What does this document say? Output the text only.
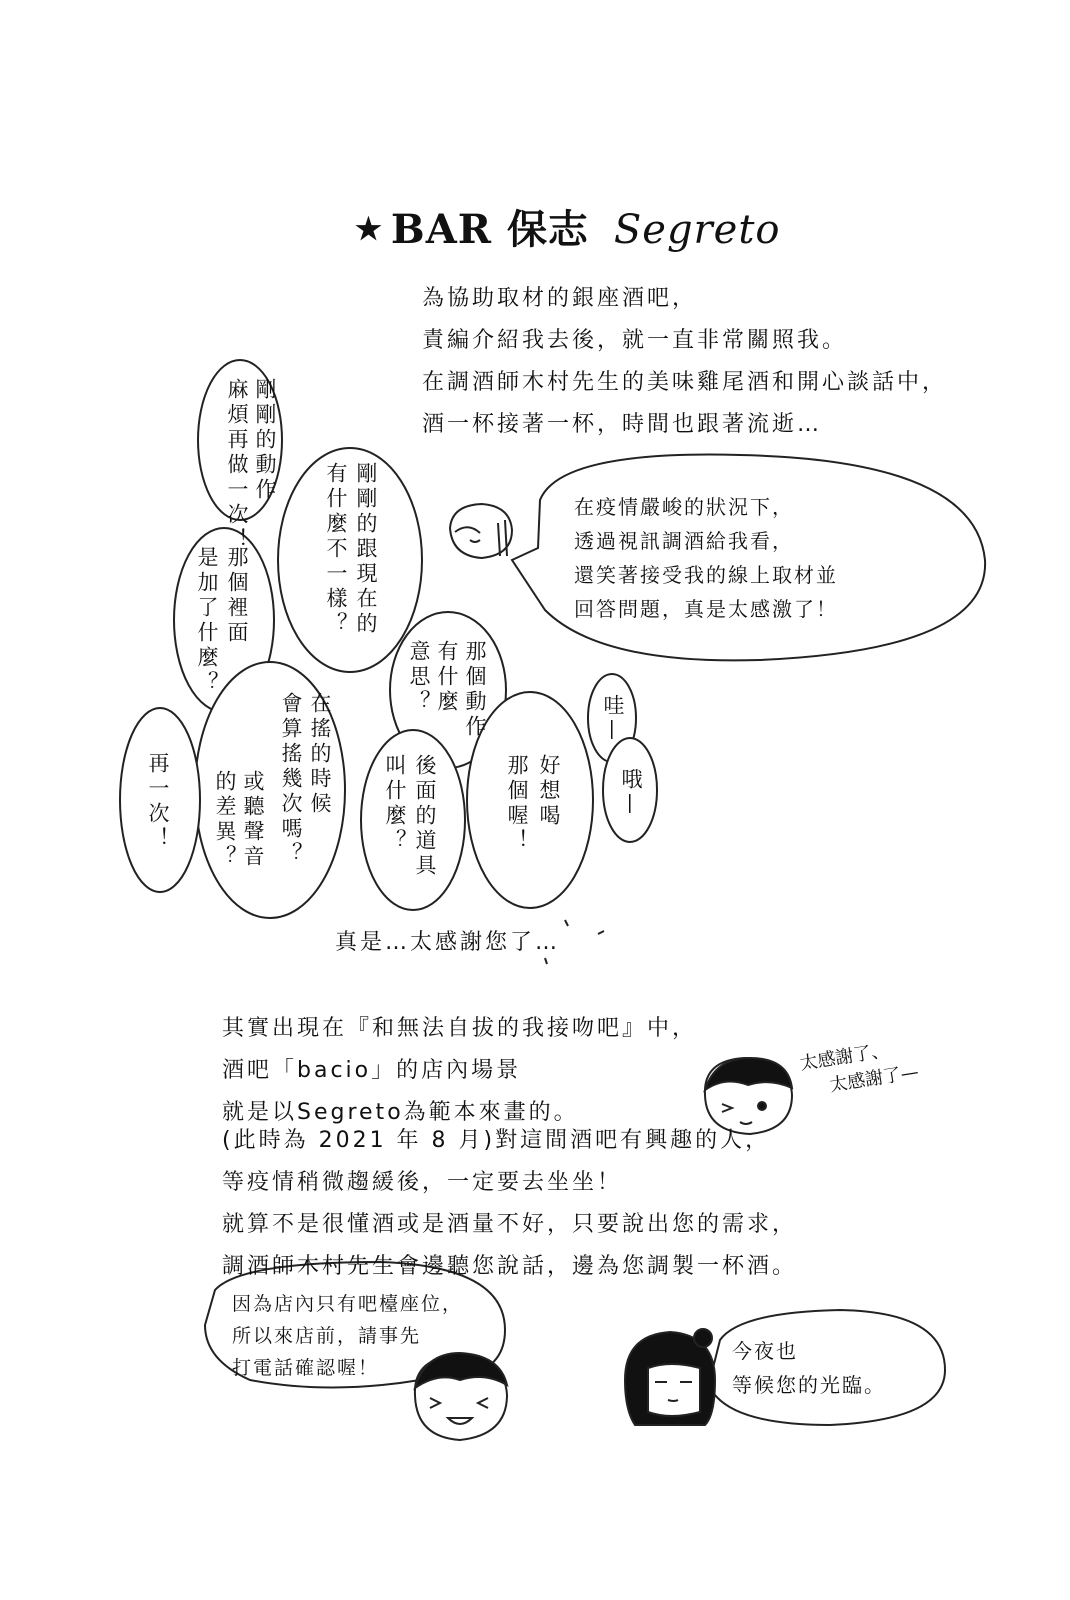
★ BAR 保志 Segreto
為協助取材的銀座酒吧，
責編介紹我去後，就一直非常關照我。
在調酒師木村先生的美味雞尾酒和開心談話中，
酒一杯接著一杯，時間也跟著流逝…
剛剛的動作
麻煩再做一次！	剛剛的跟現在的
有什麼不一樣？
那個裡面
是加了什麼？	那個動作
有什麼
意思？
在搖的時候
會算搖幾次嗎？
或聽聲音
的差異？
再一次！	後面的道具
叫什麼？	好想喝
那個喔！
哇—
哦—
在疫情嚴峻的狀況下，
透過視訊調酒給我看，
還笑著接受我的線上取材並
回答問題，真是太感激了！
真是…太感謝您了…
其實出現在『和無法自拔的我接吻吧』中，
酒吧「bacio」的店內場景
就是以Segreto為範本來畫的。
太感謝了、
太感謝了—
(此時為 2021 年 8 月)對這間酒吧有興趣的人，
等疫情稍微趨緩後，一定要去坐坐！
就算不是很懂酒或是酒量不好，只要說出您的需求，
調酒師木村先生會邊聽您說話，邊為您調製一杯酒。
因為店內只有吧檯座位，
所以來店前，請事先
打電話確認喔！
今夜也
等候您的光臨。
